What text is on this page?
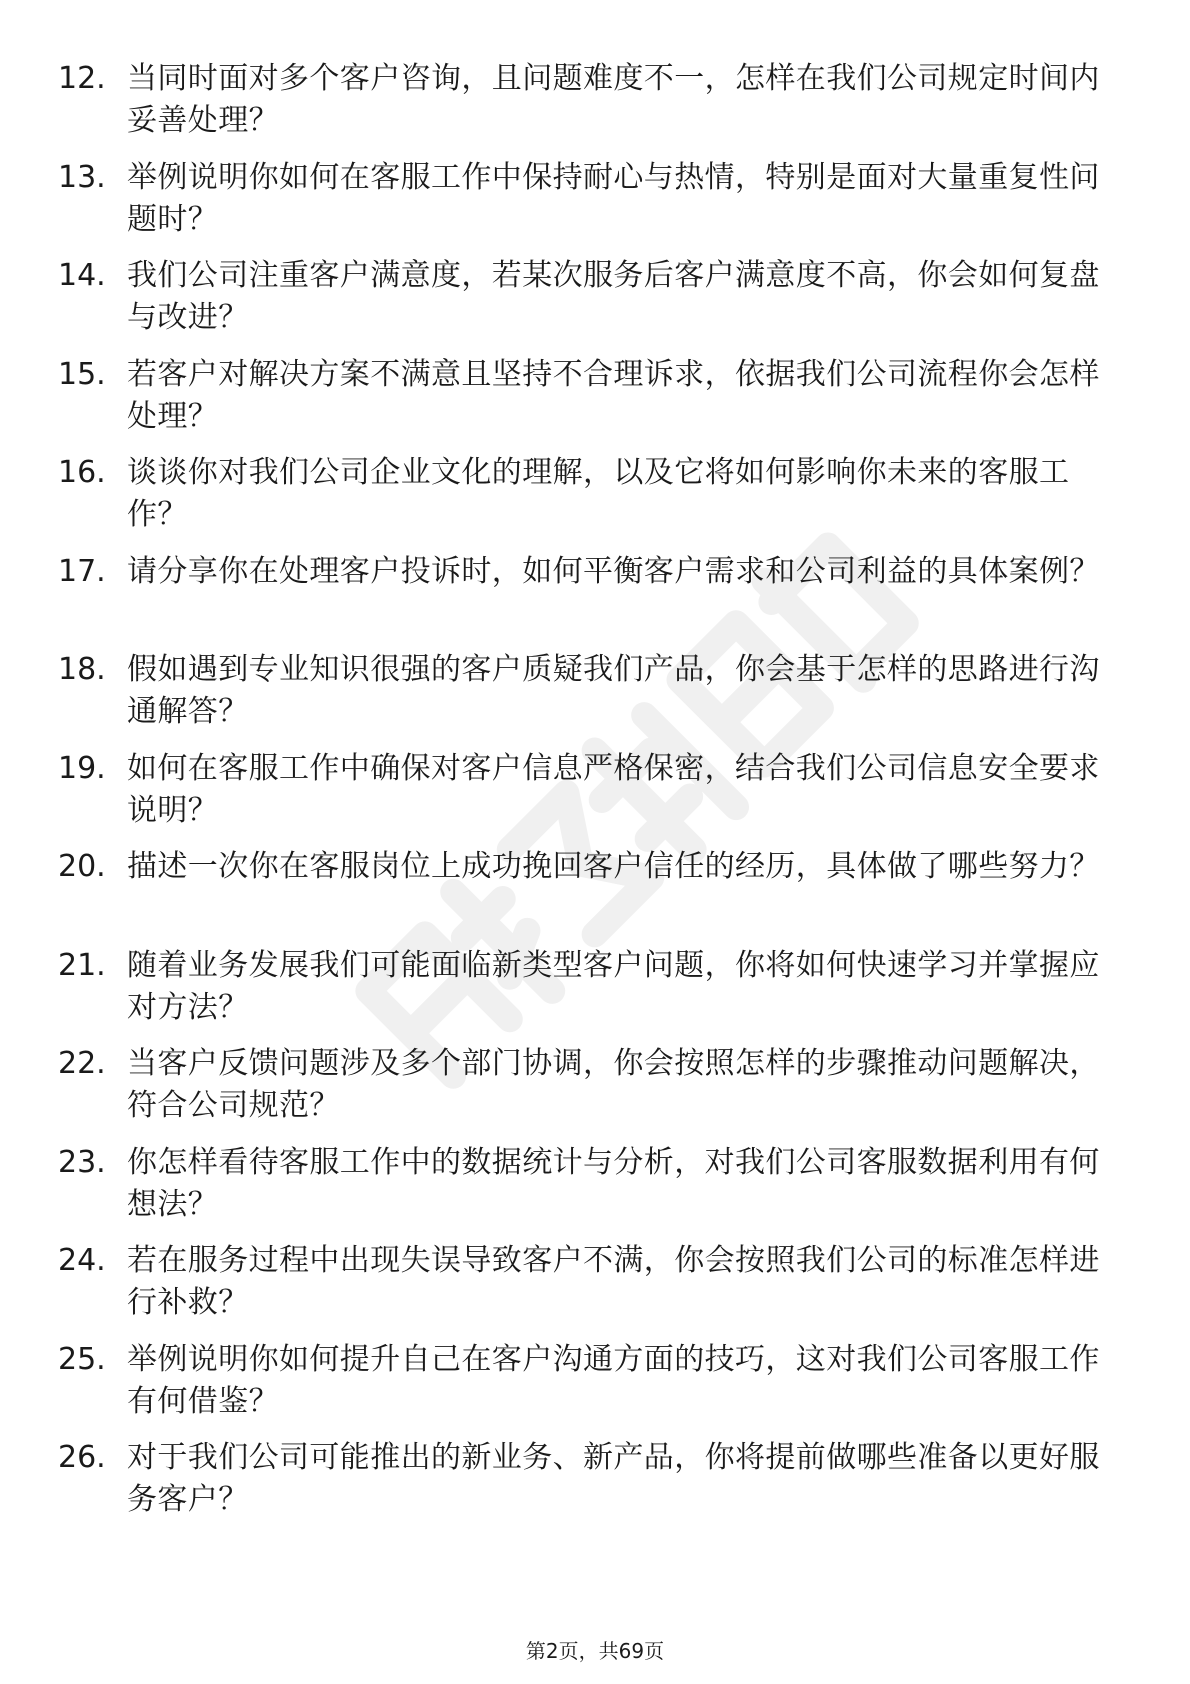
12. 当同时面对多个客户咨询，且问题难度不一，怎样在我们公司规定时间内妥善处理？
13. 举例说明你如何在客服工作中保持耐心与热情，特别是面对大量重复性问题时？
14. 我们公司注重客户满意度，若某次服务后客户满意度不高，你会如何复盘与改进？
15. 若客户对解决方案不满意且坚持不合理诉求，依据我们公司流程你会怎样处理？
16. 谈谈你对我们公司企业文化的理解，以及它将如何影响你未来的客服工作？
17. 请分享你在处理客户投诉时，如何平衡客户需求和公司利益的具体案例？
18. 假如遇到专业知识很强的客户质疑我们产品，你会基于怎样的思路进行沟通解答？
19. 如何在客服工作中确保对客户信息严格保密，结合我们公司信息安全要求说明？
20. 描述一次你在客服岗位上成功挽回客户信任的经历，具体做了哪些努力？
21. 随着业务发展我们可能面临新类型客户问题，你将如何快速学习并掌握应对方法？
22. 当客户反馈问题涉及多个部门协调，你会按照怎样的步骤推动问题解决，符合公司规范？
23. 你怎样看待客服工作中的数据统计与分析，对我们公司客服数据利用有何想法？
24. 若在服务过程中出现失误导致客户不满，你会按照我们公司的标准怎样进行补救？
25. 举例说明你如何提升自己在客户沟通方面的技巧，这对我们公司客服工作有何借鉴？
26. 对于我们公司可能推出的新业务、新产品，你将提前做哪些准备以更好服务客户？
第2页，共69页
